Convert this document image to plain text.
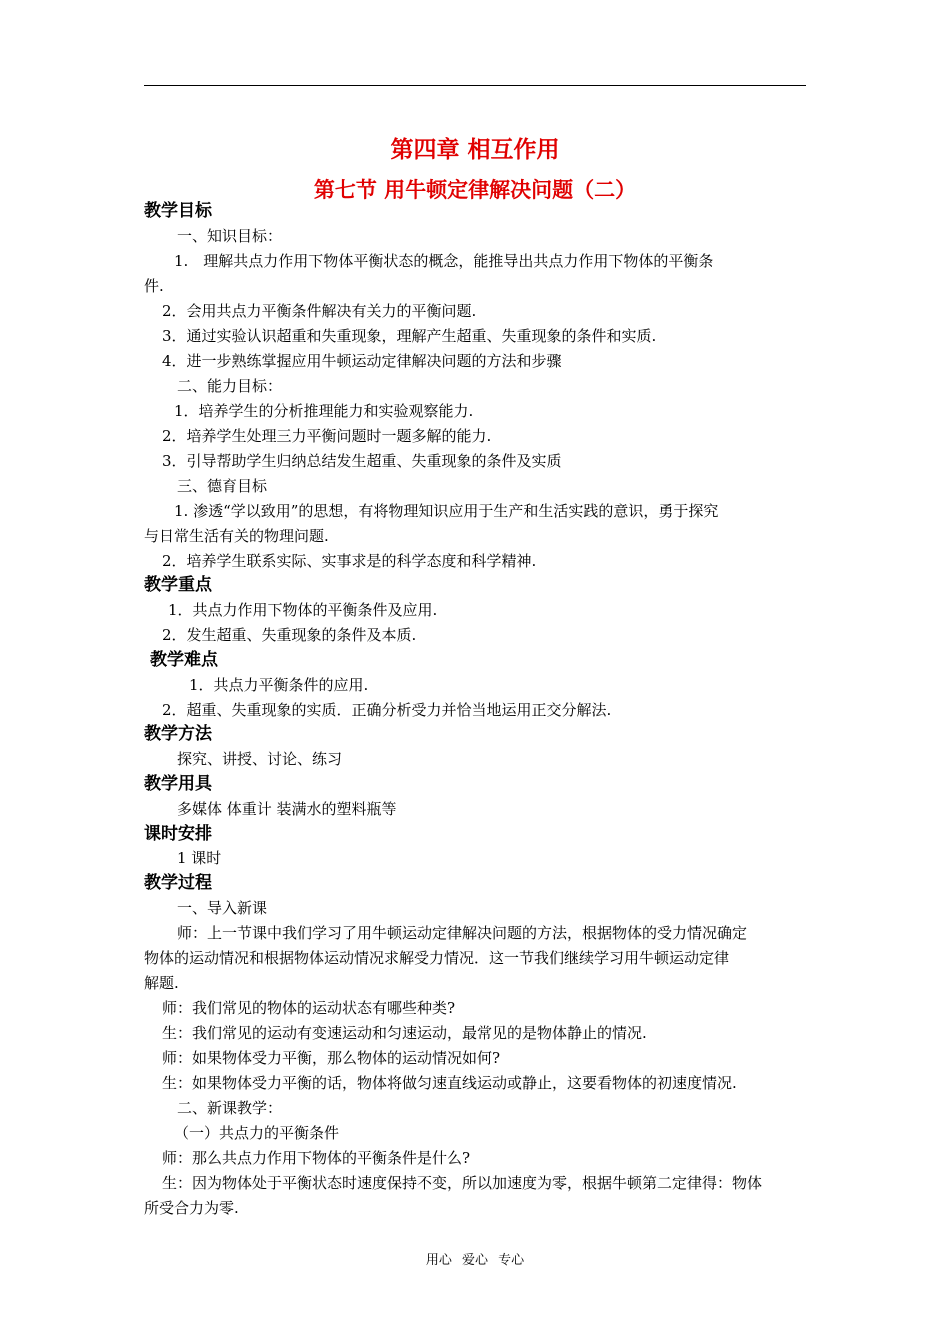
第四章 相互作用
第七节 用牛顿定律解决问题（二）
教学目标
一、知识目标：
1.　理解共点力作用下物体平衡状态的概念，能推导出共点力作用下物体的平衡条
件.
2．会用共点力平衡条件解决有关力的平衡问题.
3．通过实验认识超重和失重现象，理解产生超重、失重现象的条件和实质.
4．进一步熟练掌握应用牛顿运动定律解决问题的方法和步骤
二、能力目标：
1．培养学生的分析推理能力和实验观察能力.
2．培养学生处理三力平衡问题时一题多解的能力.
3．引导帮助学生归纳总结发生超重、失重现象的条件及实质
三、德育目标
1. 渗透“学以致用”的思想，有将物理知识应用于生产和生活实践的意识，勇于探究
与日常生活有关的物理问题.
2．培养学生联系实际、实事求是的科学态度和科学精神.
教学重点
1．共点力作用下物体的平衡条件及应用.
2．发生超重、失重现象的条件及本质.
教学难点
1．共点力平衡条件的应用.
2．超重、失重现象的实质．正确分析受力并恰当地运用正交分解法.
教学方法
探究、讲授、讨论、练习
教学用具
多媒体 体重计 装满水的塑料瓶等
课时安排
1 课时
教学过程
一、导入新课
师：上一节课中我们学习了用牛顿运动定律解决问题的方法，根据物体的受力情况确定
物体的运动情况和根据物体运动情况求解受力情况．这一节我们继续学习用牛顿运动定律
解题.
师：我们常见的物体的运动状态有哪些种类?
生：我们常见的运动有变速运动和匀速运动，最常见的是物体静止的情况.
师：如果物体受力平衡，那么物体的运动情况如何?
生：如果物体受力平衡的话，物体将做匀速直线运动或静止，这要看物体的初速度情况.
二、新课教学：
（一）共点力的平衡条件
师：那么共点力作用下物体的平衡条件是什么?
生：因为物体处于平衡状态时速度保持不变，所以加速度为零，根据牛顿第二定律得：物体
所受合力为零.
用心 爱心 专心
